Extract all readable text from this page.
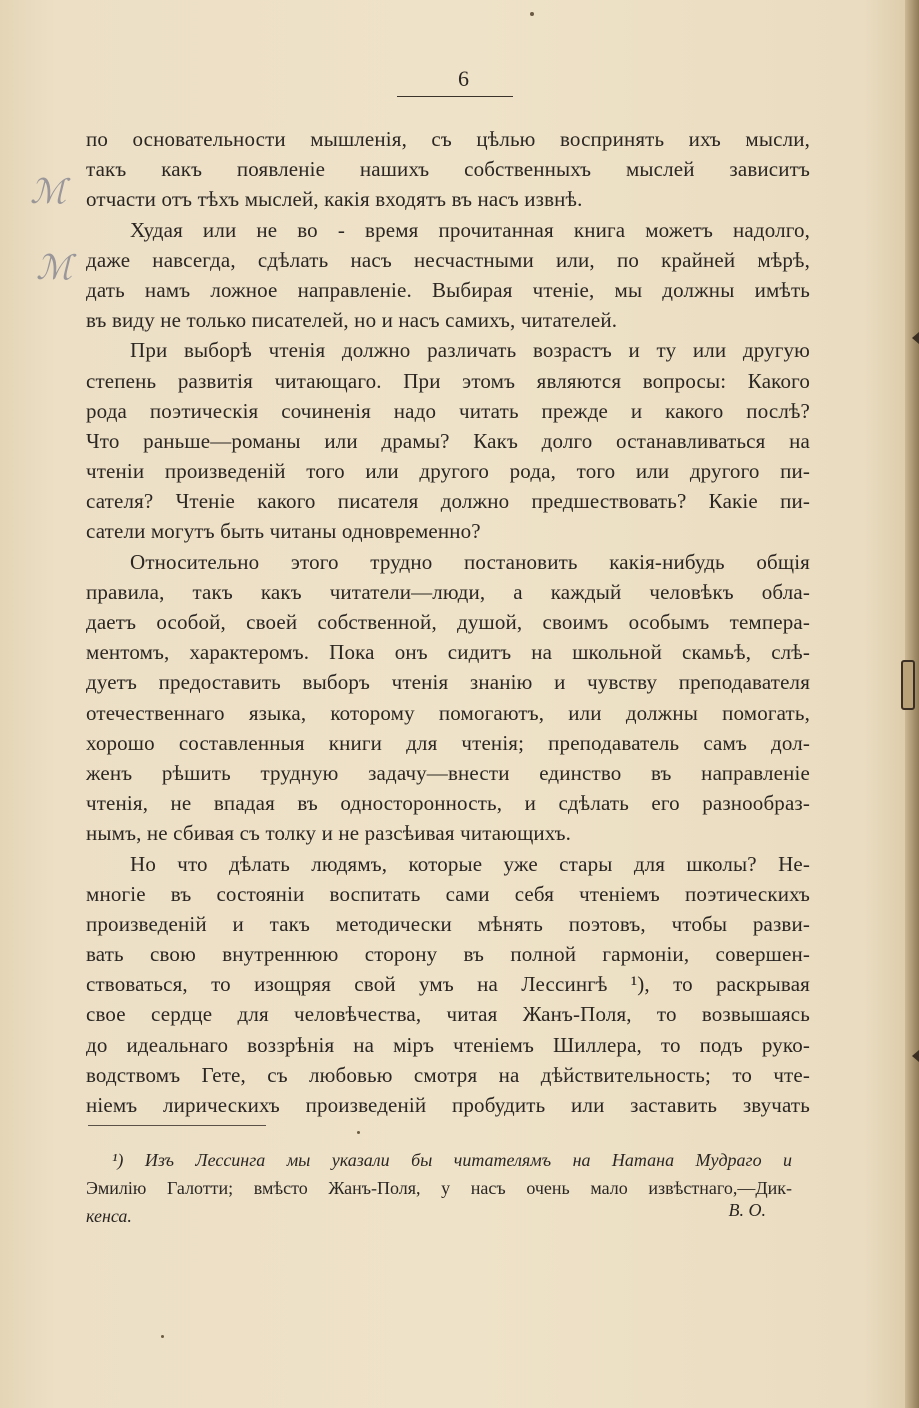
6
ℳ
ℳ
по основательности мышленія, съ цѣлью воспринять ихъ мысли,
такъ какъ появленіе нашихъ собственныхъ мыслей зависитъ
отчасти отъ тѣхъ мыслей, какія входятъ въ насъ извнѣ.
Худая или не во - время прочитанная книга можетъ надолго,
даже навсегда, сдѣлать насъ несчастными или, по крайней мѣрѣ,
дать намъ ложное направленіе. Выбирая чтеніе, мы должны имѣть
въ виду не только писателей, но и насъ самихъ, читателей.
При выборѣ чтенія должно различать возрастъ и ту или другую
степень развитія читающаго. При этомъ являются вопросы: Какого
рода поэтическія сочиненія надо читать прежде и какого послѣ?
Что раньше—романы или драмы? Какъ долго останавливаться на
чтеніи произведеній того или другого рода, того или другого пи-
сателя? Чтеніе какого писателя должно предшествовать? Какіе пи-
сатели могутъ быть читаны одновременно?
Относительно этого трудно постановить какія-нибудь общія
правила, такъ какъ читатели—люди, а каждый человѣкъ обла-
даетъ особой, своей собственной, душой, своимъ особымъ темпера-
ментомъ, характеромъ. Пока онъ сидитъ на школьной скамьѣ, слѣ-
дуетъ предоставить выборъ чтенія знанію и чувству преподавателя
отечественнаго языка, которому помогаютъ, или должны помогать,
хорошо составленныя книги для чтенія; преподаватель самъ дол-
женъ рѣшить трудную задачу—внести единство въ направленіе
чтенія, не впадая въ односторонность, и сдѣлать его разнообраз-
нымъ, не сбивая съ толку и не разсѣивая читающихъ.
Но что дѣлать людямъ, которые уже стары для школы? Не-
многіе въ состояніи воспитать сами себя чтеніемъ поэтическихъ
произведеній и такъ методически мѣнять поэтовъ, чтобы разви-
вать свою внутреннюю сторону въ полной гармоніи, совершен-
ствоваться, то изощряя свой умъ на Лессингѣ ¹), то раскрывая
свое сердце для человѣчества, читая Жанъ-Поля, то возвышаясь
до идеальнаго воззрѣнія на міръ чтеніемъ Шиллера, то подъ руко-
водствомъ Гете, съ любовью смотря на дѣйствительность; то чте-
ніемъ лирическихъ произведеній пробудить или заставить звучать
¹) Изъ Лессинга мы указали бы читателямъ на Натана Мудраго и
Эмилію Галотти; вмѣсто Жанъ-Поля, у насъ очень мало извѣстнаго,—Дик-
кенса.	В. О.
